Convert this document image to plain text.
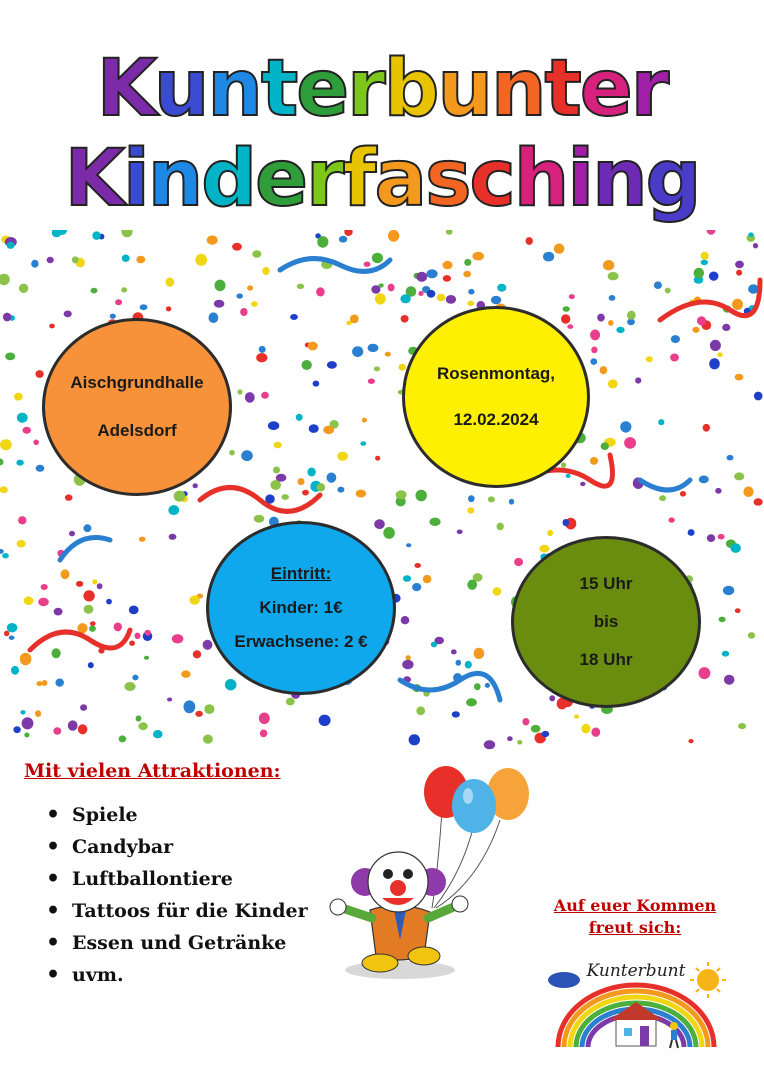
Kunterbunter
Kinderfasching
Aischgrundhalle
Adelsdorf
Rosenmontag,
12.02.2024
Eintritt:
Kinder: 1€
Erwachsene: 2 €
15 Uhr
bis
18 Uhr
Mit vielen Attraktionen:
• Spiele
• Candybar
• Luftballontiere
• Tattoos für die Kinder
• Essen und Getränke
• uvm.
Auf euer Kommen
freut sich:
Kunterbunt
